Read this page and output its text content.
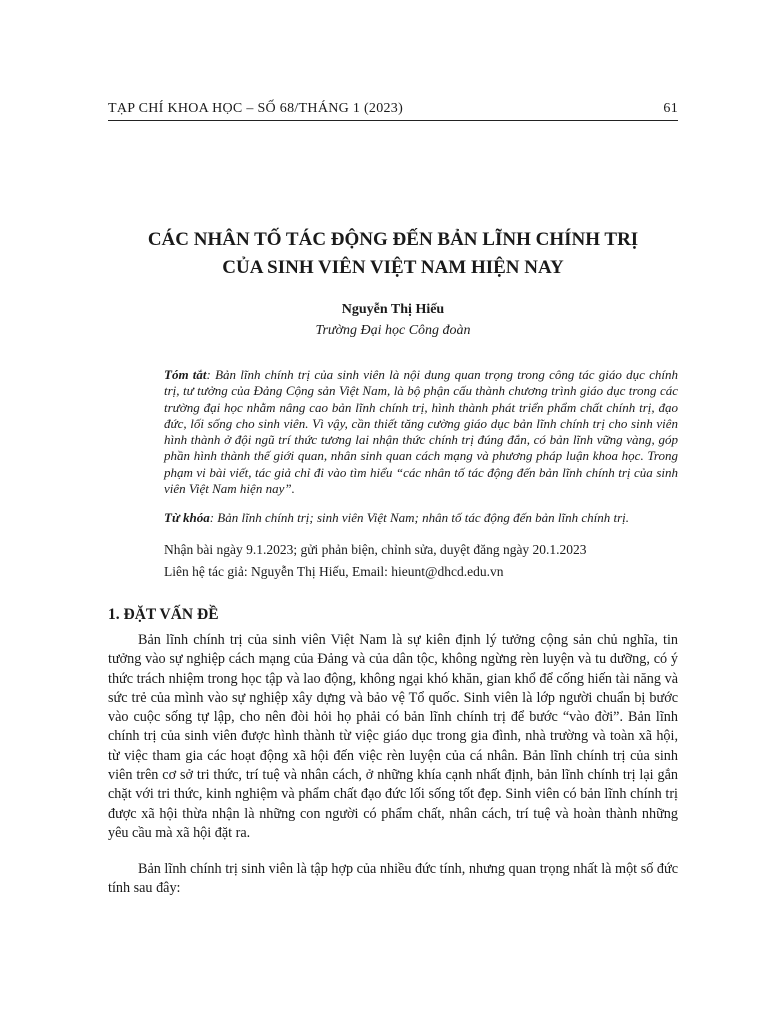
TẠP CHÍ KHOA HỌC – SỐ 68/THÁNG 1 (2023)	61
CÁC NHÂN TỐ TÁC ĐỘNG ĐẾN BẢN LĨNH CHÍNH TRỊ
CỦA SINH VIÊN VIỆT NAM HIỆN NAY
Nguyễn Thị Hiếu
Trường Đại học Công đoàn

Tóm tắt: Bản lĩnh chính trị của sinh viên là nội dung quan trọng trong công tác giáo dục chính trị, tư tưởng của Đảng Cộng sản Việt Nam, là bộ phận cấu thành chương trình giáo dục trong các trường đại học nhằm nâng cao bản lĩnh chính trị, hình thành phát triển phẩm chất chính trị, đạo đức, lối sống cho sinh viên. Vì vậy, cần thiết tăng cường giáo dục bản lĩnh chính trị cho sinh viên hình thành ở đội ngũ trí thức tương lai nhận thức chính trị đúng đắn, có bản lĩnh vững vàng, góp phần hình thành thế giới quan, nhân sinh quan cách mạng và phương pháp luận khoa học. Trong phạm vi bài viết, tác giả chỉ đi vào tìm hiểu “các nhân tố tác động đến bản lĩnh chính trị của sinh viên Việt Nam hiện nay”.

Từ khóa: Bản lĩnh chính trị; sinh viên Việt Nam; nhân tố tác động đến bản lĩnh chính trị.

Nhận bài ngày 9.1.2023; gửi phản biện, chỉnh sửa, duyệt đăng ngày 20.1.2023

Liên hệ tác giả: Nguyễn Thị Hiếu, Email: hieunt@dhcd.edu.vn

1. ĐẶT VẤN ĐỀ

Bản lĩnh chính trị của sinh viên Việt Nam là sự kiên định lý tưởng cộng sản chủ nghĩa, tin tưởng vào sự nghiệp cách mạng của Đảng và của dân tộc, không ngừng rèn luyện và tu dưỡng, có ý thức trách nhiệm trong học tập và lao động, không ngại khó khăn, gian khổ để cống hiến tài năng và sức trẻ của mình vào sự nghiệp xây dựng và bảo vệ Tổ quốc. Sinh viên là lớp người chuẩn bị bước vào cuộc sống tự lập, cho nên đòi hỏi họ phải có bản lĩnh chính trị để bước “vào đời”. Bản lĩnh chính trị của sinh viên được hình thành từ việc giáo dục trong gia đình, nhà trường và toàn xã hội, từ việc tham gia các hoạt động xã hội đến việc rèn luyện của cá nhân. Bản lĩnh chính trị của sinh viên trên cơ sở tri thức, trí tuệ và nhân cách, ở những khía cạnh nhất định, bản lĩnh chính trị lại gắn chặt với tri thức, kinh nghiệm và phẩm chất đạo đức lối sống tốt đẹp. Sinh viên có bản lĩnh chính trị được xã hội thừa nhận là những con người có phẩm chất, nhân cách, trí tuệ và hoàn thành những yêu cầu mà xã hội đặt ra.

Bản lĩnh chính trị sinh viên là tập hợp của nhiều đức tính, nhưng quan trọng nhất là một số đức tính sau đây:
